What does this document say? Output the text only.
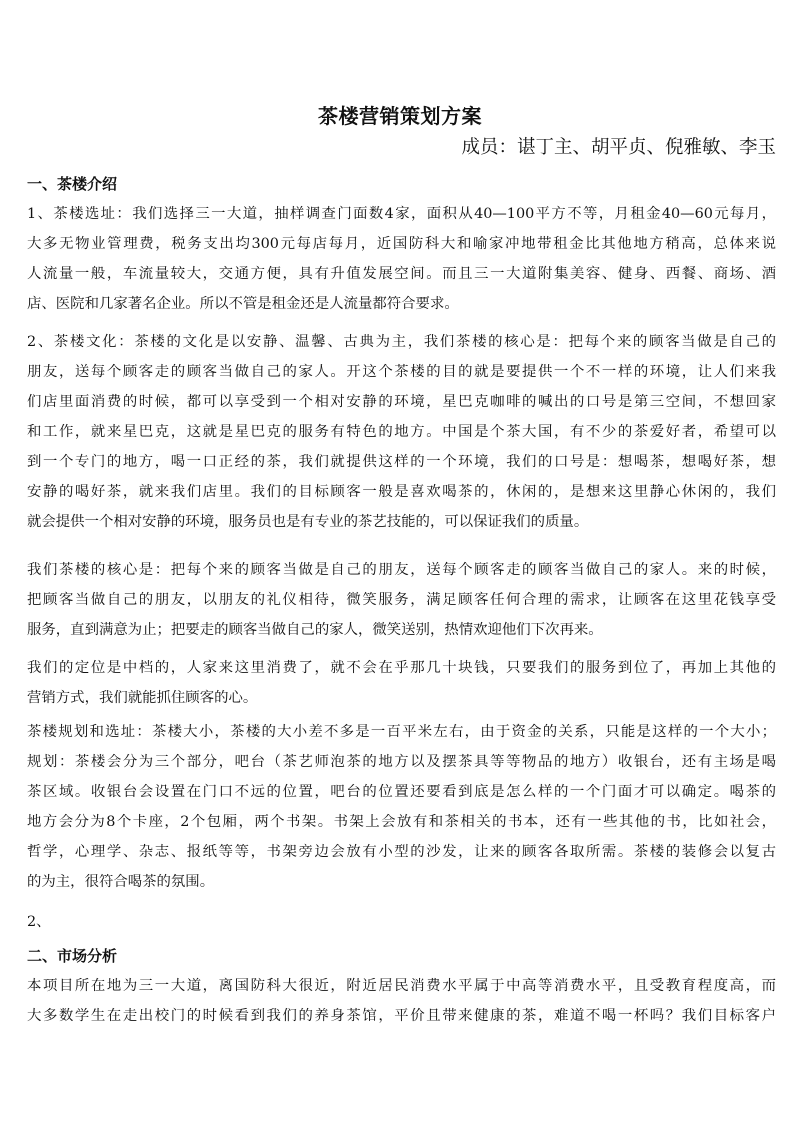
茶楼营销策划方案
成员：谌丁主、胡平贞、倪雅敏、李玉
一、茶楼介绍
1、茶楼选址：我们选择三一大道，抽样调查门面数4家，面积从40—100平方不等，月租金40—60元每月，
大多无物业管理费，税务支出均300元每店每月，近国防科大和喻家冲地带租金比其他地方稍高，总体来说
人流量一般，车流量较大，交通方便，具有升值发展空间。而且三一大道附集美容、健身、西餐、商场、酒
店、医院和几家著名企业。所以不管是租金还是人流量都符合要求。
2、茶楼文化：茶楼的文化是以安静、温馨、古典为主，我们茶楼的核心是：把每个来的顾客当做是自己的
朋友，送每个顾客走的顾客当做自己的家人。开这个茶楼的目的就是要提供一个不一样的环境，让人们来我
们店里面消费的时候，都可以享受到一个相对安静的环境，星巴克咖啡的喊出的口号是第三空间，不想回家
和工作，就来星巴克，这就是星巴克的服务有特色的地方。中国是个茶大国，有不少的茶爱好者，希望可以
到一个专门的地方，喝一口正经的茶，我们就提供这样的一个环境，我们的口号是：想喝茶，想喝好茶，想
安静的喝好茶，就来我们店里。我们的目标顾客一般是喜欢喝茶的，休闲的，是想来这里静心休闲的，我们
就会提供一个相对安静的环境，服务员也是有专业的茶艺技能的，可以保证我们的质量。
我们茶楼的核心是：把每个来的顾客当做是自己的朋友，送每个顾客走的顾客当做自己的家人。来的时候，
把顾客当做自己的朋友，以朋友的礼仪相待，微笑服务，满足顾客任何合理的需求，让顾客在这里花钱享受
服务，直到满意为止；把要走的顾客当做自己的家人，微笑送别，热情欢迎他们下次再来。
我们的定位是中档的，人家来这里消费了，就不会在乎那几十块钱，只要我们的服务到位了，再加上其他的
营销方式，我们就能抓住顾客的心。
茶楼规划和选址：茶楼大小，茶楼的大小差不多是一百平米左右，由于资金的关系，只能是这样的一个大小；
规划：茶楼会分为三个部分，吧台（茶艺师泡茶的地方以及摆茶具等等物品的地方）收银台，还有主场是喝
茶区域。收银台会设置在门口不远的位置，吧台的位置还要看到底是怎么样的一个门面才可以确定。喝茶的
地方会分为8个卡座，2个包厢，两个书架。书架上会放有和茶相关的书本，还有一些其他的书，比如社会，
哲学，心理学、杂志、报纸等等，书架旁边会放有小型的沙发，让来的顾客各取所需。茶楼的装修会以复古
的为主，很符合喝茶的氛围。
2、
二、市场分析
本项目所在地为三一大道，离国防科大很近，附近居民消费水平属于中高等消费水平，且受教育程度高，而
大多数学生在走出校门的时候看到我们的养身茶馆，平价且带来健康的茶，难道不喝一杯吗？我们目标客户
